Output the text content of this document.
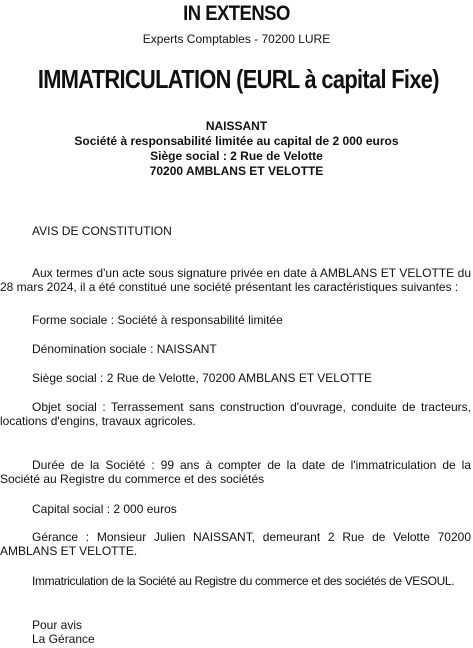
IN EXTENSO

Experts Comptables - 70200 LURE

IMMATRICULATION (EURL à capital Fixe)

NAISSANT
Société à responsabilité limitée au capital de 2 000 euros
Siège social : 2 Rue de Velotte
70200 AMBLANS ET VELOTTE
AVIS DE CONSTITUTION
Aux termes d'un acte sous signature privée en date à AMBLANS ET VELOTTE du 28 mars 2024, il a été constitué une société présentant les caractéristiques suivantes :
Forme sociale : Société à responsabilité limitée
Dénomination sociale : NAISSANT
Siège social : 2 Rue de Velotte, 70200 AMBLANS ET VELOTTE
Objet social : Terrassement sans construction d'ouvrage, conduite de tracteurs, locations d'engins, travaux agricoles.
Durée de la Société : 99 ans à compter de la date de l'immatriculation de la Société au Registre du commerce et des sociétés
Capital social : 2 000 euros
Gérance : Monsieur Julien NAISSANT, demeurant 2 Rue de Velotte 70200 AMBLANS ET VELOTTE.
Immatriculation de la Société au Registre du commerce et des sociétés de VESOUL.
Pour avis
La Gérance
